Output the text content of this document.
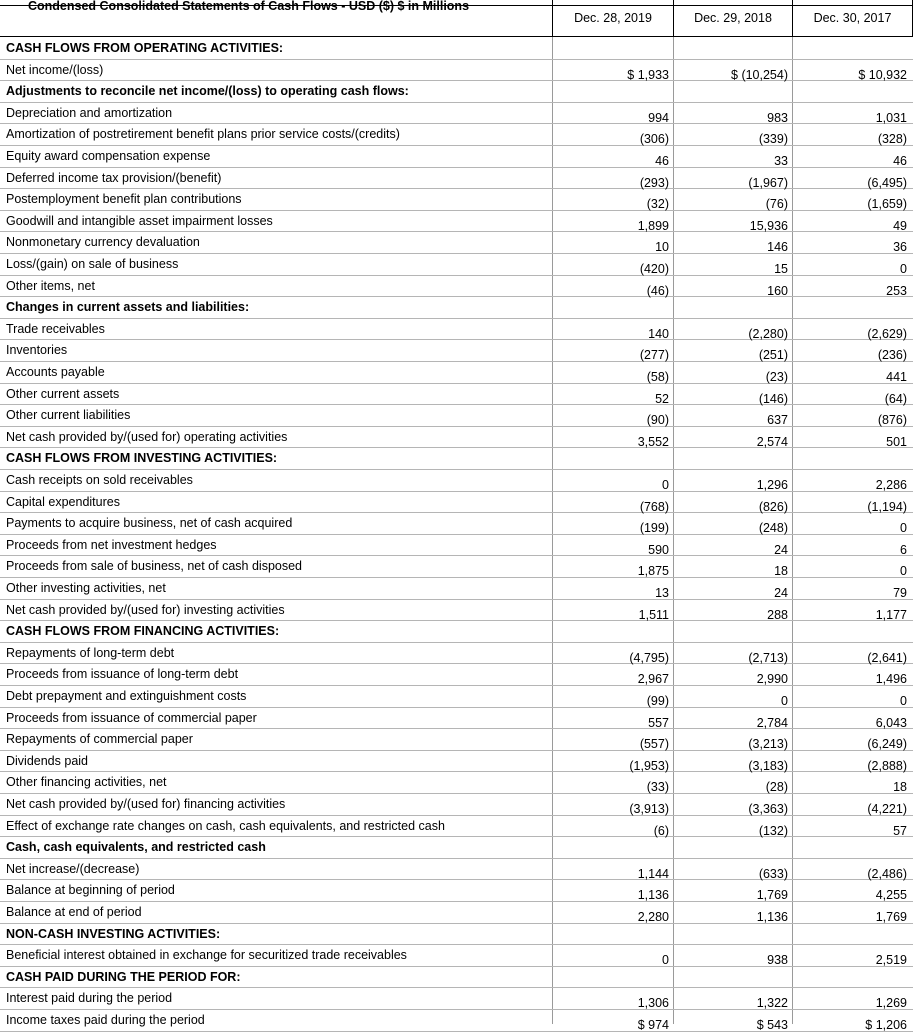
Condensed Consolidated Statements of Cash Flows - USD ($) $ in Millions
Dec. 28, 2019	Dec. 29, 2018	Dec. 30, 2017
CASH FLOWS FROM OPERATING ACTIVITIES:
Net income/(loss)	$ 1,933	$ (10,254)	$ 10,932
Adjustments to reconcile net income/(loss) to operating cash flows:
Depreciation and amortization	994	983	1,031
Amortization of postretirement benefit plans prior service costs/(credits)	(306)	(339)	(328)
Equity award compensation expense	46	33	46
Deferred income tax provision/(benefit)	(293)	(1,967)	(6,495)
Postemployment benefit plan contributions	(32)	(76)	(1,659)
Goodwill and intangible asset impairment losses	1,899	15,936	49
Nonmonetary currency devaluation	10	146	36
Loss/(gain) on sale of business	(420)	15	0
Other items, net	(46)	160	253
Changes in current assets and liabilities:
Trade receivables	140	(2,280)	(2,629)
Inventories	(277)	(251)	(236)
Accounts payable	(58)	(23)	441
Other current assets	52	(146)	(64)
Other current liabilities	(90)	637	(876)
Net cash provided by/(used for) operating activities	3,552	2,574	501
CASH FLOWS FROM INVESTING ACTIVITIES:
Cash receipts on sold receivables	0	1,296	2,286
Capital expenditures	(768)	(826)	(1,194)
Payments to acquire business, net of cash acquired	(199)	(248)	0
Proceeds from net investment hedges	590	24	6
Proceeds from sale of business, net of cash disposed	1,875	18	0
Other investing activities, net	13	24	79
Net cash provided by/(used for) investing activities	1,511	288	1,177
CASH FLOWS FROM FINANCING ACTIVITIES:
Repayments of long-term debt	(4,795)	(2,713)	(2,641)
Proceeds from issuance of long-term debt	2,967	2,990	1,496
Debt prepayment and extinguishment costs	(99)	0	0
Proceeds from issuance of commercial paper	557	2,784	6,043
Repayments of commercial paper	(557)	(3,213)	(6,249)
Dividends paid	(1,953)	(3,183)	(2,888)
Other financing activities, net	(33)	(28)	18
Net cash provided by/(used for) financing activities	(3,913)	(3,363)	(4,221)
Effect of exchange rate changes on cash, cash equivalents, and restricted cash	(6)	(132)	57
Cash, cash equivalents, and restricted cash
Net increase/(decrease)	1,144	(633)	(2,486)
Balance at beginning of period	1,136	1,769	4,255
Balance at end of period	2,280	1,136	1,769
NON-CASH INVESTING ACTIVITIES:
Beneficial interest obtained in exchange for securitized trade receivables	0	938	2,519
CASH PAID DURING THE PERIOD FOR:
Interest paid during the period	1,306	1,322	1,269
Income taxes paid during the period	$ 974	$ 543	$ 1,206
